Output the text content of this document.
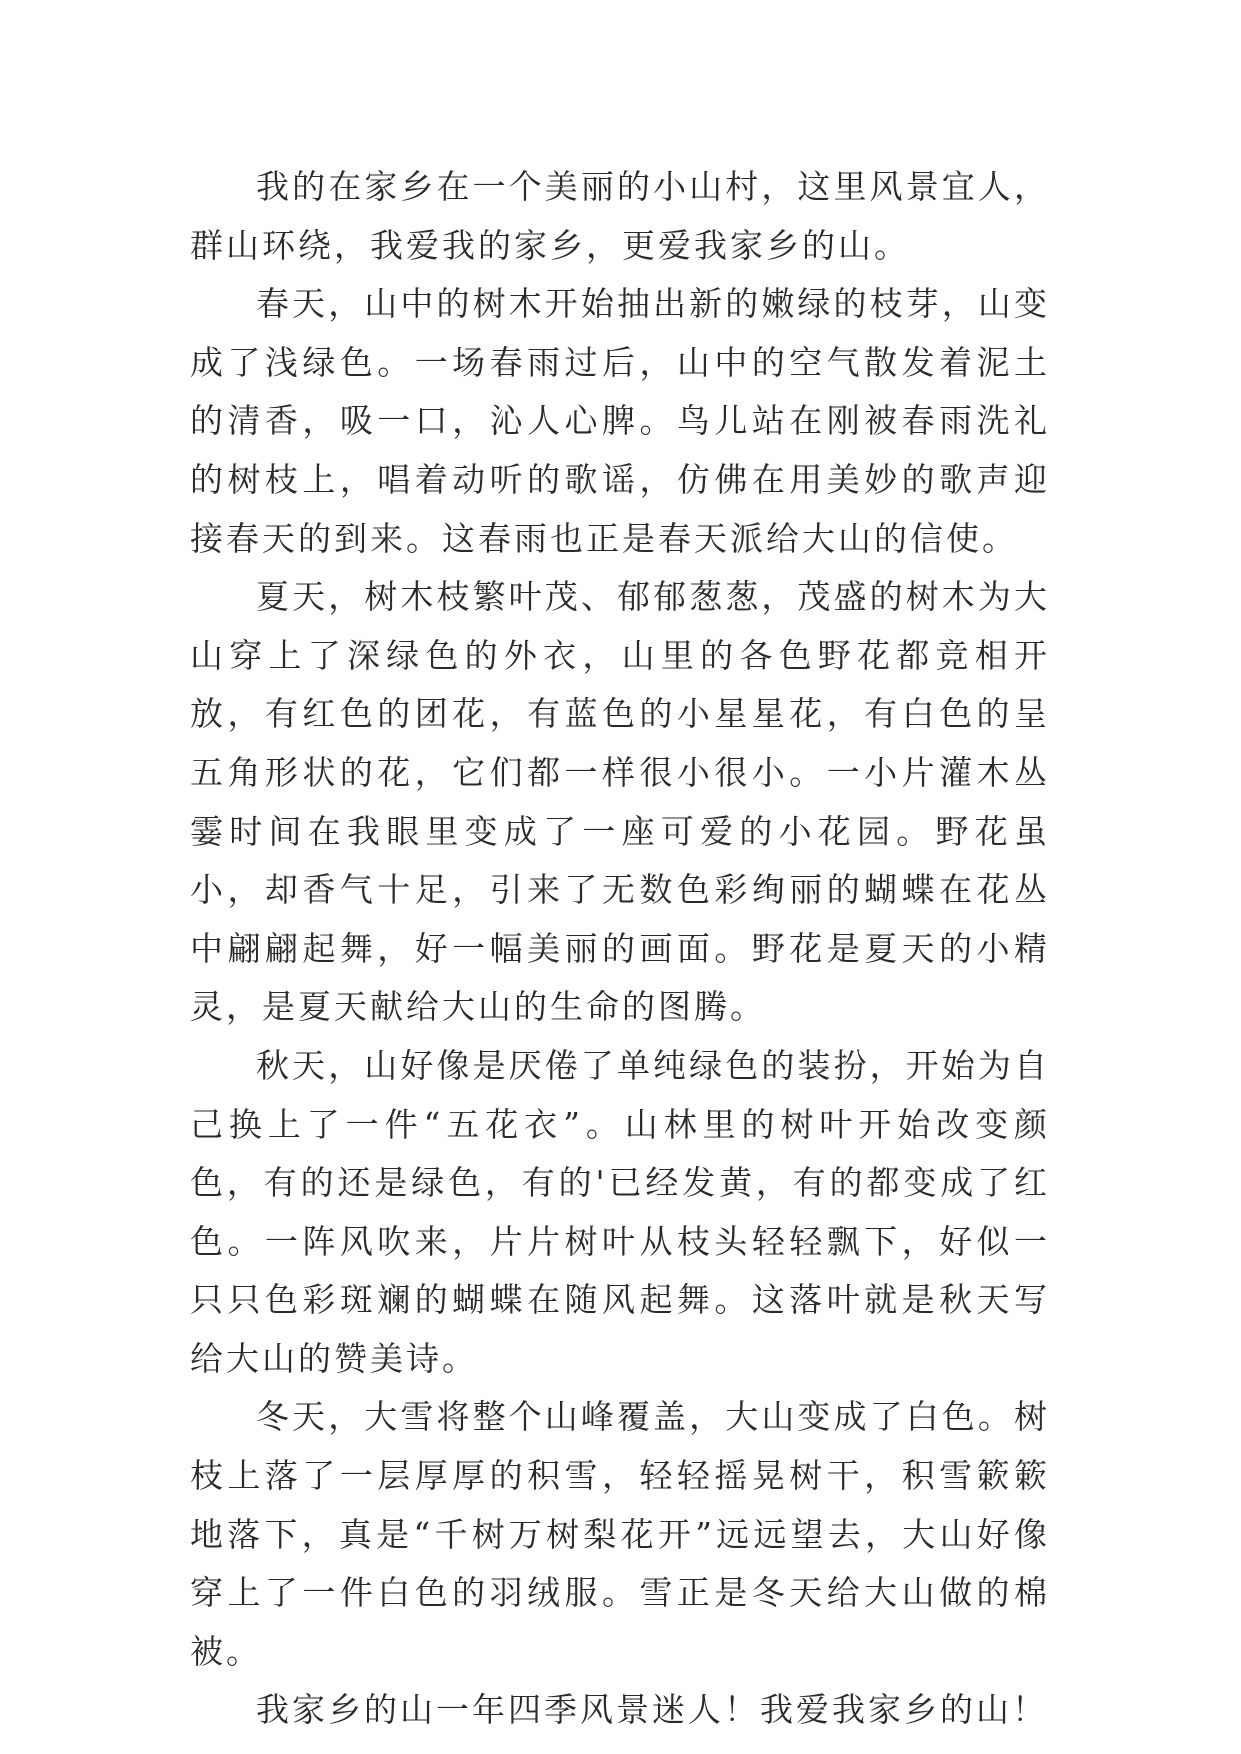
我的在家乡在一个美丽的小山村，这里风景宜人，群山环绕，我爱我的家乡，更爱我家乡的山。

春天，山中的树木开始抽出新的嫩绿的枝芽，山变成了浅绿色。一场春雨过后，山中的空气散发着泥土的清香，吸一口，沁人心脾。鸟儿站在刚被春雨洗礼的树枝上，唱着动听的歌谣，仿佛在用美妙的歌声迎接春天的到来。这春雨也正是春天派给大山的信使。

夏天，树木枝繁叶茂、郁郁葱葱，茂盛的树木为大山穿上了深绿色的外衣，山里的各色野花都竞相开放，有红色的团花，有蓝色的小星星花，有白色的呈五角形状的花，它们都一样很小很小。一小片灌木丛霎时间在我眼里变成了一座可爱的小花园。野花虽小，却香气十足，引来了无数色彩绚丽的蝴蝶在花丛中翩翩起舞，好一幅美丽的画面。野花是夏天的小精灵，是夏天献给大山的生命的图腾。

秋天，山好像是厌倦了单纯绿色的装扮，开始为自己换上了一件“五花衣”。山林里的树叶开始改变颜色，有的还是绿色，有的'已经发黄，有的都变成了红色。一阵风吹来，片片树叶从枝头轻轻飘下，好似一只只色彩斑斓的蝴蝶在随风起舞。这落叶就是秋天写给大山的赞美诗。

冬天，大雪将整个山峰覆盖，大山变成了白色。树枝上落了一层厚厚的积雪，轻轻摇晃树干，积雪簌簌地落下，真是“千树万树梨花开”远远望去，大山好像穿上了一件白色的羽绒服。雪正是冬天给大山做的棉被。

我家乡的山一年四季风景迷人！我爱我家乡的山！
